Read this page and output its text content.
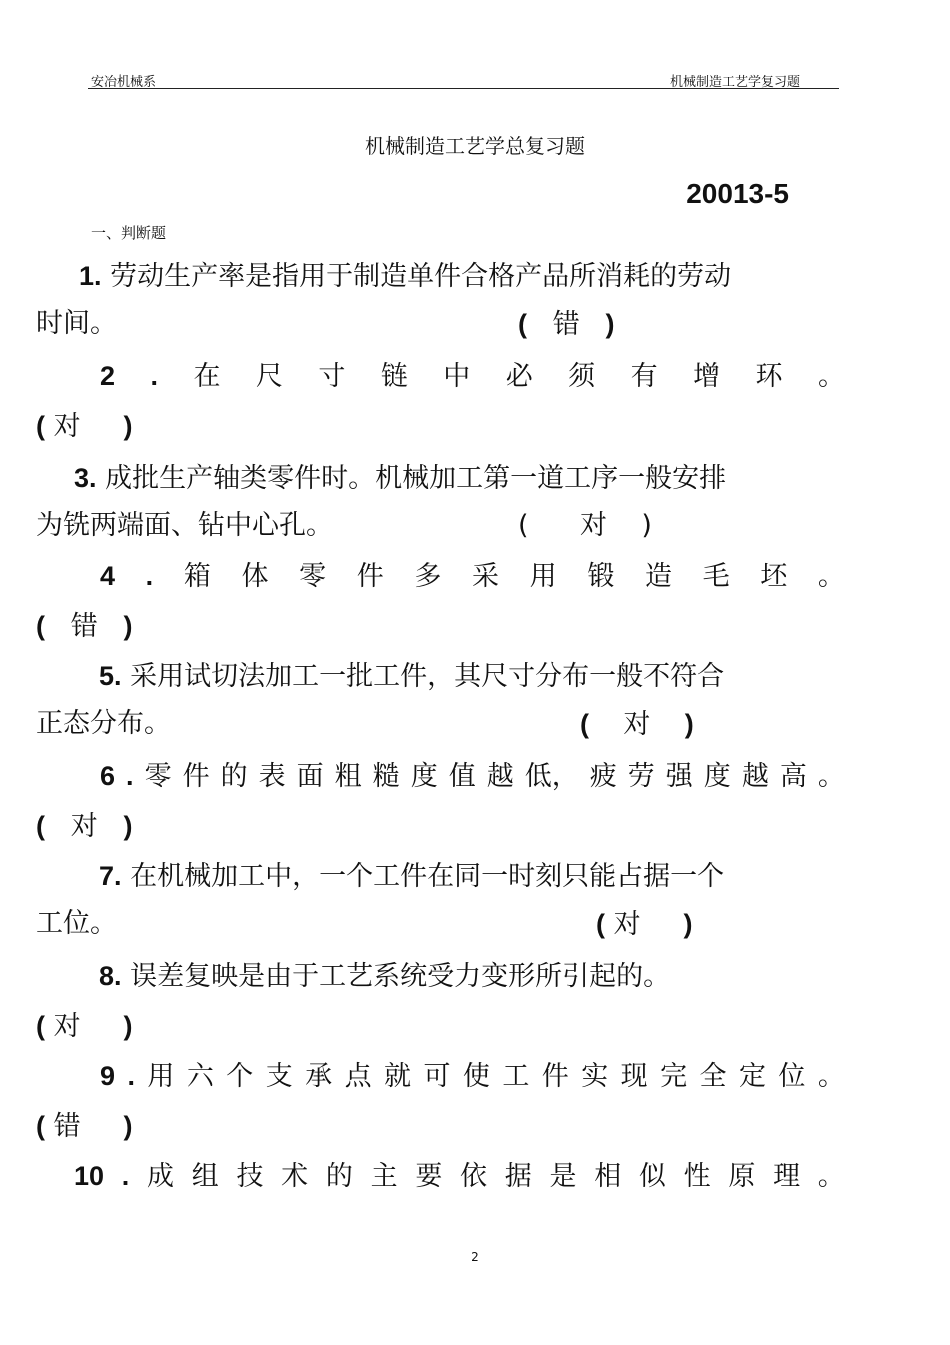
安冶机械系	机械制造工艺学复习题
机械制造工艺学总复习题
20013-5
一、判断题
1. 劳动生产率是指用于制造单件合格产品所消耗的劳动
时间。	( 错 )
2 . 在 尺 寸 链 中 必 须 有 增 环 。
( 对 )
3. 成批生产轴类零件时。机械加工第一道工序一般安排
为铣两端面、钻中心孔。	( 对 )
4 . 箱 体 零 件 多 采 用 锻 造 毛 坯 。
( 错 )
5. 采用试切法加工一批工件，其尺寸分布一般不符合
正态分布。	( 对 )
6 . 零 件 的 表 面 粗 糙 度 值 越 低， 疲 劳 强 度 越 高 。
( 对 )
7. 在机械加工中，一个工件在同一时刻只能占据一个
工位。	( 对 )
8. 误差复映是由于工艺系统受力变形所引起的。
( 对 )
9 . 用 六 个 支 承 点 就 可 使 工 件 实 现 完 全 定 位 。
( 错 )
10 . 成 组 技 术 的 主 要 依 据 是 相 似 性 原 理 。
2
